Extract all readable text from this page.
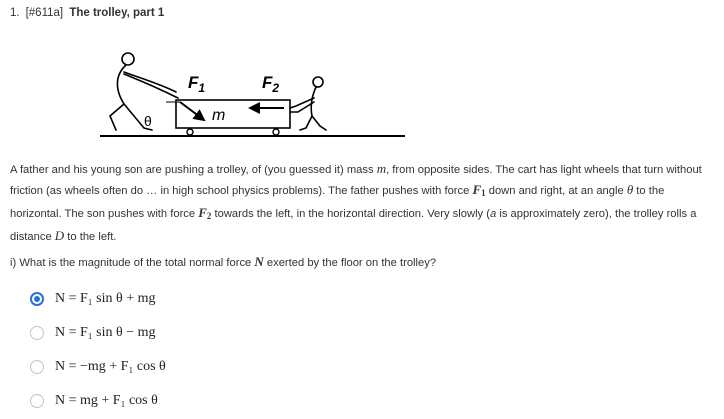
1. [#611a] The trolley, part 1
$F_1$	$F_2$
m
θ
A father and his young son are pushing a trolley, of (you guessed it) mass m, from opposite sides. The cart has light wheels that turn without friction (as wheels often do … in high school physics problems). The father pushes with force $F_1$ down and right, at an angle θ to the horizontal. The son pushes with force $F_2$ towards the left, in the horizontal direction. Very slowly (a is approximately zero), the trolley rolls a distance D to the left.
i) What is the magnitude of the total normal force N exerted by the floor on the trolley?
N = F₁ sin θ + mg
N = F₁ sin θ − mg
N = −mg + F₁ cos θ
N = mg + F₁ cos θ
